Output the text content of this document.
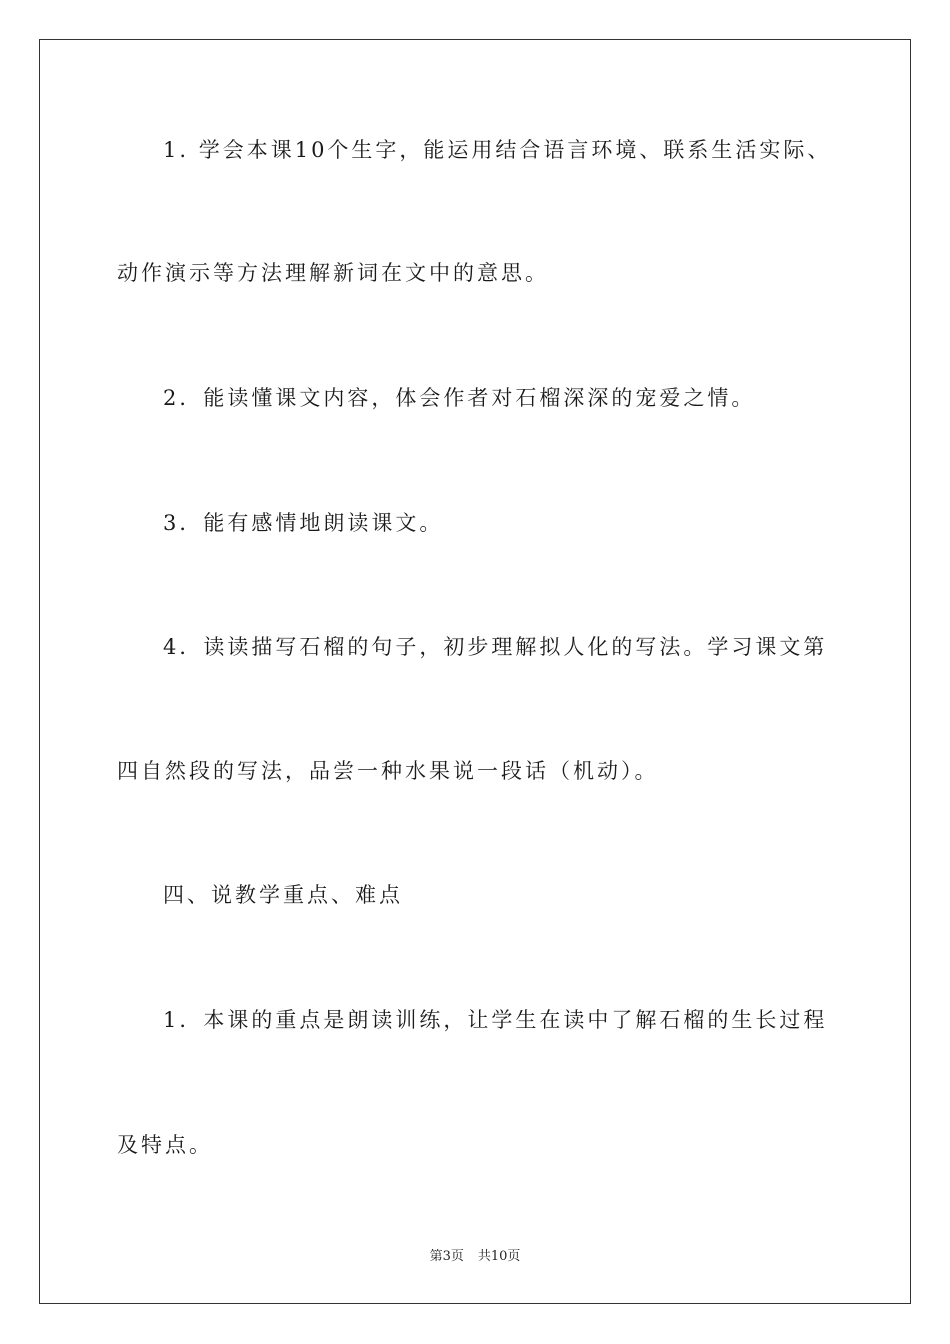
1. 学会本课10个生字，能运用结合语言环境、联系生活实际、
动作演示等方法理解新词在文中的意思。
2．能读懂课文内容，体会作者对石榴深深的宠爱之情。
3．能有感情地朗读课文。
4．读读描写石榴的句子，初步理解拟人化的写法。学习课文第
四自然段的写法，品尝一种水果说一段话（机动）。
四、说教学重点、难点
1．本课的重点是朗读训练，让学生在读中了解石榴的生长过程
及特点。
第3页 共10页
